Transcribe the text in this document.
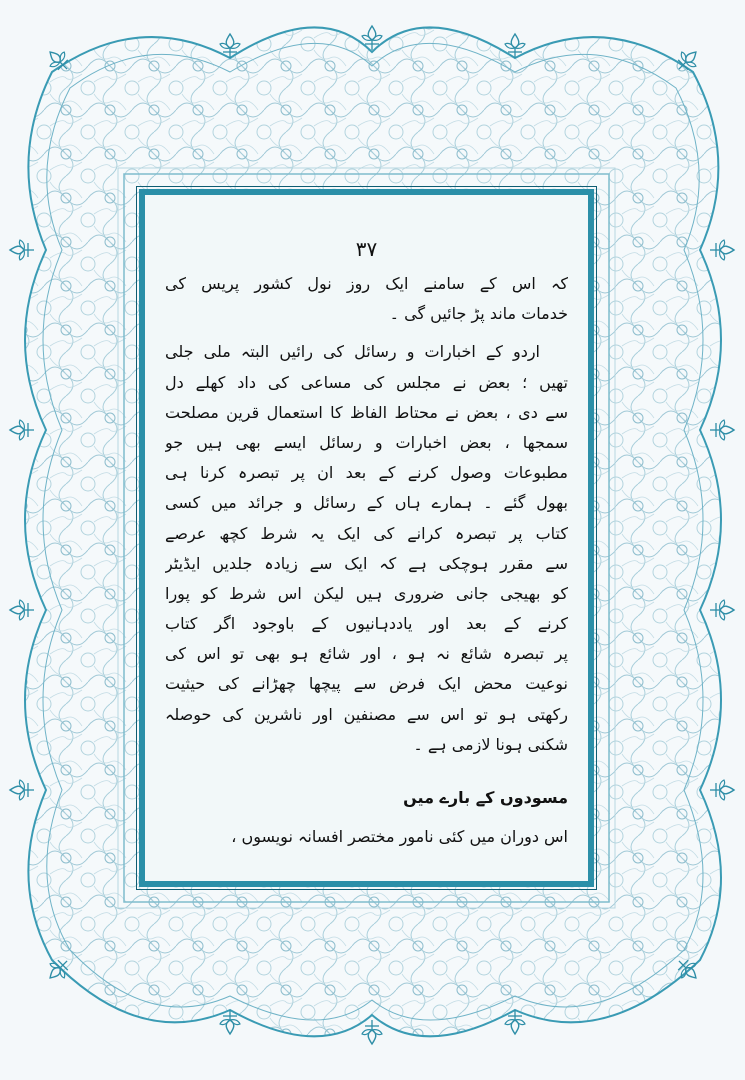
۳۷
کہ اس کے سامنے ایک روز نول کشور پریس کی
خدمات ماند پڑ جائیں گی ۔
اردو کے اخبارات و رسائل کی رائیں البتہ ملی جلی
تھیں ؛ بعض نے مجلس کی مساعی کی داد کھلے دل
سے دی ، بعض نے محتاط الفاظ کا استعمال قرین مصلحت
سمجھا ، بعض اخبارات و رسائل ایسے بھی ہیں جو
مطبوعات وصول کرنے کے بعد ان پر تبصرہ کرنا ہی
بھول گئے ۔ ہمارے ہاں کے رسائل و جرائد میں کسی
کتاب پر تبصرہ کرانے کی ایک یہ شرط کچھ عرصے
سے مقرر ہوچکی ہے کہ ایک سے زیادہ جلدیں ایڈیٹر
کو بھیجی جانی ضروری ہیں لیکن اس شرط کو پورا
کرنے کے بعد اور یاددہانیوں کے باوجود اگر کتاب
پر تبصرہ شائع نہ ہو ، اور شائع ہو بھی تو اس کی
نوعیت محض ایک فرض سے پیچھا چھڑانے کی حیثیت
رکھتی ہو تو اس سے مصنفین اور ناشرین کی حوصلہ
شکنی ہونا لازمی ہے ۔
مسودوں کے بارے میں
اس دوران میں کئی نامور مختصر افسانہ نویسوں ،
